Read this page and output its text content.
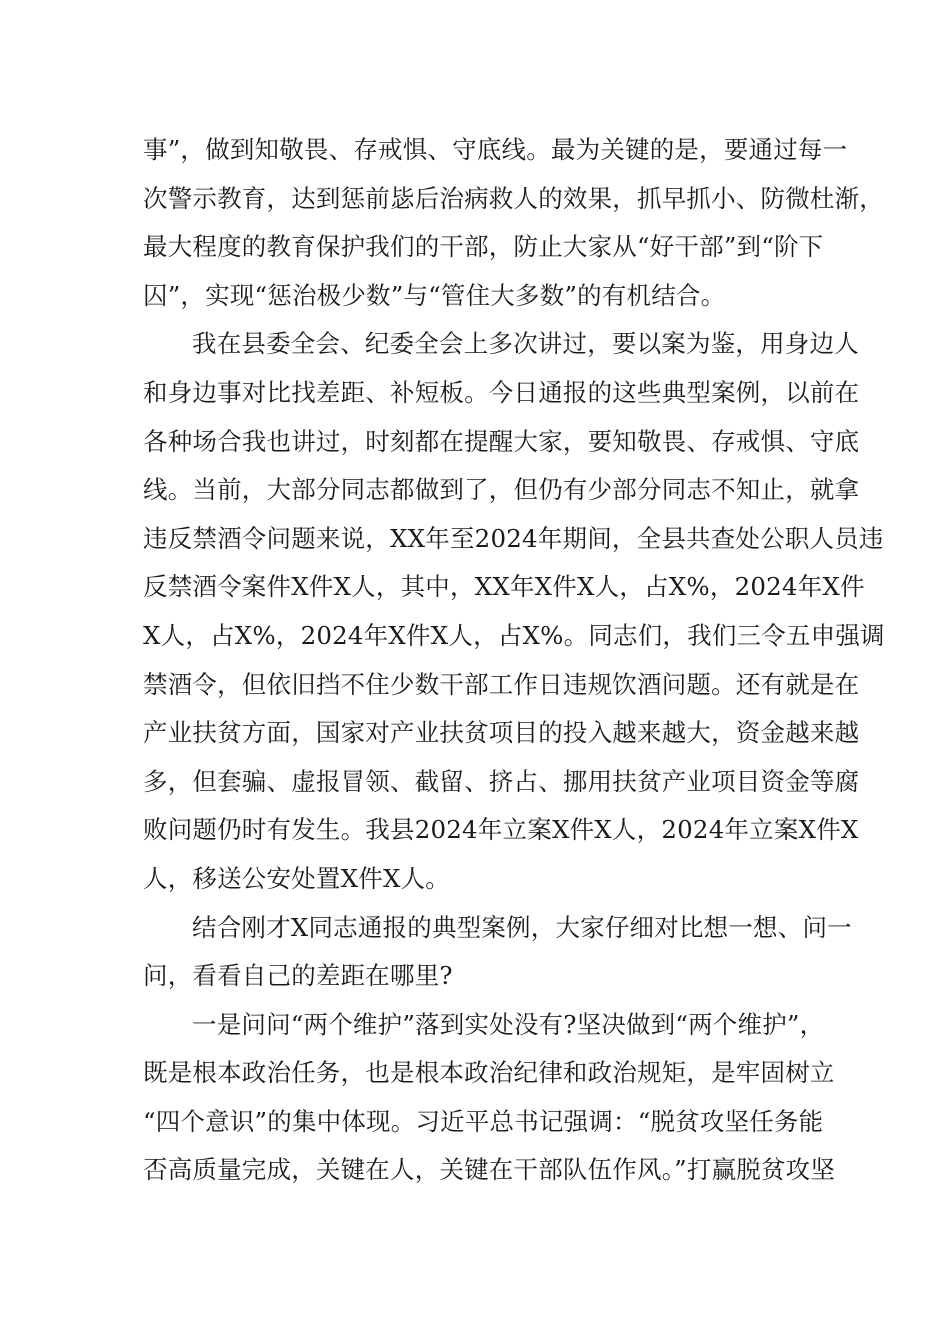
事”，做到知敬畏、存戒惧、守底线。最为关键的是，要通过每一
次警示教育，达到惩前毖后治病救人的效果，抓早抓小、防微杜渐，
最大程度的教育保护我们的干部，防止大家从“好干部”到“阶下
囚”，实现“惩治极少数”与“管住大多数”的有机结合。
我在县委全会、纪委全会上多次讲过，要以案为鉴，用身边人
和身边事对比找差距、补短板。今日通报的这些典型案例，以前在
各种场合我也讲过，时刻都在提醒大家，要知敬畏、存戒惧、守底
线。当前，大部分同志都做到了，但仍有少部分同志不知止，就拿
违反禁酒令问题来说，XX年至2024年期间，全县共查处公职人员违
反禁酒令案件X件X人，其中，XX年X件X人，占X%，2024年X件
X人，占X%，2024年X件X人，占X%。同志们，我们三令五申强调
禁酒令，但依旧挡不住少数干部工作日违规饮酒问题。还有就是在
产业扶贫方面，国家对产业扶贫项目的投入越来越大，资金越来越
多，但套骗、虚报冒领、截留、挤占、挪用扶贫产业项目资金等腐
败问题仍时有发生。我县2024年立案X件X人，2024年立案X件X
人，移送公安处置X件X人。
结合刚才X同志通报的典型案例，大家仔细对比想一想、问一
问，看看自己的差距在哪里?
一是问问“两个维护”落到实处没有?坚决做到“两个维护”，
既是根本政治任务，也是根本政治纪律和政治规矩，是牢固树立
“四个意识”的集中体现。习近平总书记强调：“脱贫攻坚任务能
否高质量完成，关键在人，关键在干部队伍作风。”打赢脱贫攻坚
